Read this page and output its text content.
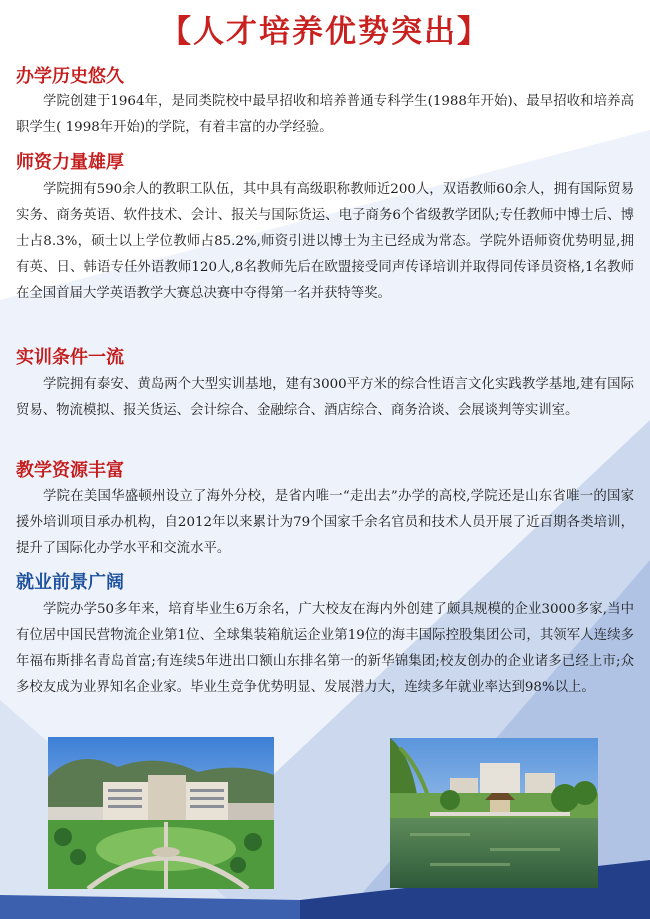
【人才培养优势突出】
办学历史悠久
学院创建于1964年，是同类院校中最早招收和培养普通专科学生(1988年开始)、最早招收和培养高职学生( 1998年开始)的学院，有着丰富的办学经验。
师资力量雄厚
学院拥有590余人的教职工队伍，其中具有高级职称教师近200人，双语教师60余人，拥有国际贸易实务、商务英语、软件技术、会计、报关与国际货运、电子商务6个省级教学团队;专任教师中博士后、博士占8.3%，硕士以上学位教师占85.2%,师资引进以博士为主已经成为常态。学院外语师资优势明显,拥有英、日、韩语专任外语教师120人,8名教师先后在欧盟接受同声传译培训并取得同传译员资格,1名教师在全国首届大学英语教学大赛总决赛中夺得第一名并获特等奖。
实训条件一流
学院拥有泰安、黄岛两个大型实训基地，建有3000平方米的综合性语言文化实践教学基地,建有国际贸易、物流模拟、报关货运、会计综合、金融综合、酒店综合、商务洽谈、会展谈判等实训室。
教学资源丰富
学院在美国华盛顿州设立了海外分校，是省内唯一“走出去”办学的高校,学院还是山东省唯一的国家援外培训项目承办机构，自2012年以来累计为79个国家千余名官员和技术人员开展了近百期各类培训，提升了国际化办学水平和交流水平。
就业前景广阔
学院办学50多年来，培育毕业生6万余名，广大校友在海内外创建了颇具规模的企业3000多家,当中有位居中国民营物流企业第1位、全球集装箱航运企业第19位的海丰国际控股集团公司，其领军人连续多年福布斯排名青岛首富;有连续5年进出口额山东排名第一的新华锦集团;校友创办的企业诸多已经上市;众多校友成为业界知名企业家。毕业生竞争优势明显、发展潜力大，连续多年就业率达到98%以上。
